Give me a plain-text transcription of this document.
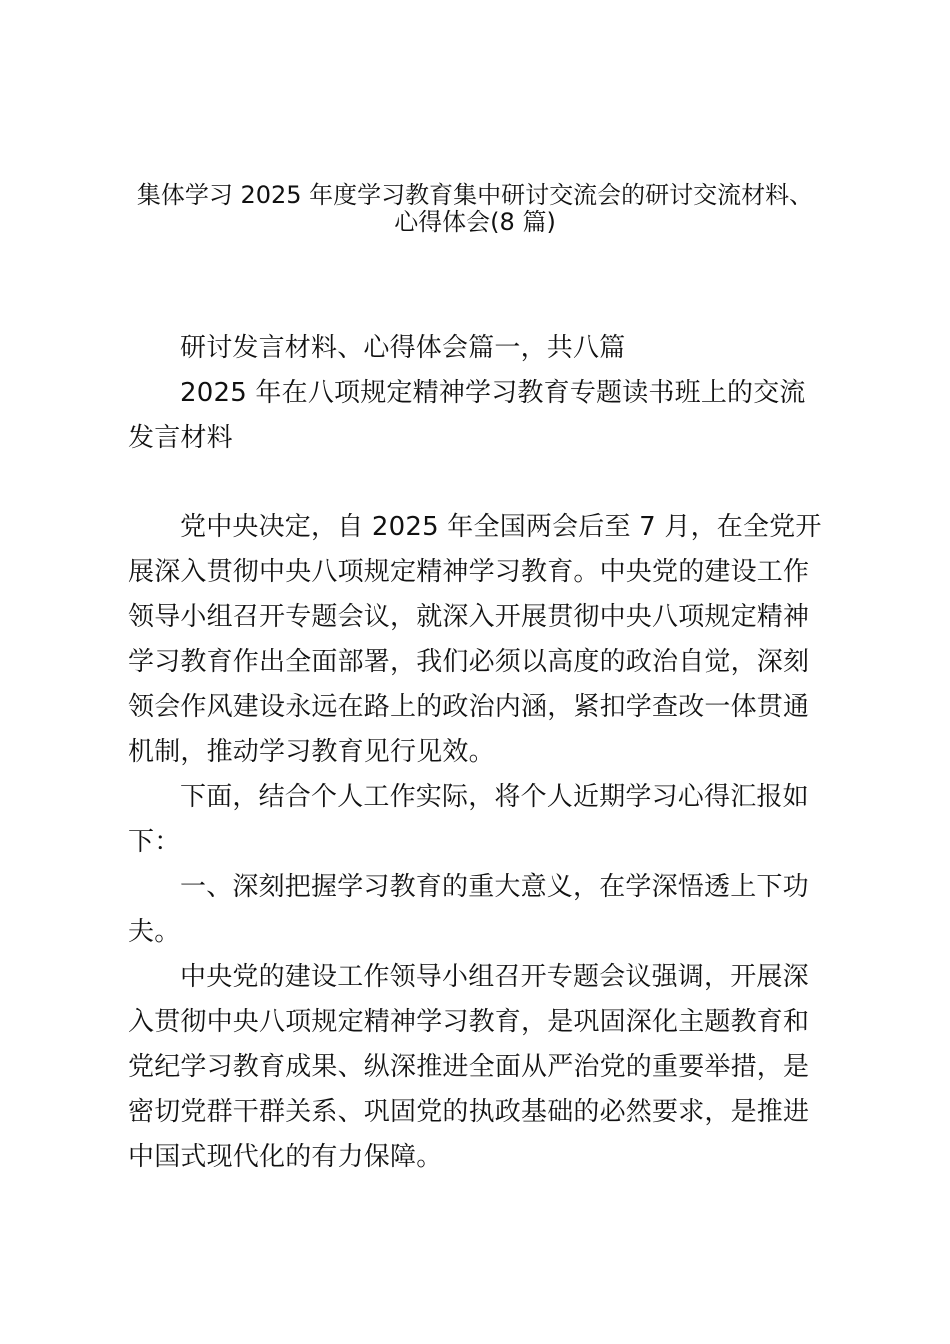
集体学习 2025 年度学习教育集中研讨交流会的研讨交流材料、
心得体会(8 篇)

研讨发言材料、心得体会篇一，共八篇

2025 年在八项规定精神学习教育专题读书班上的交流发言材料

党中央决定，自 2025 年全国两会后至 7 月，在全党开展深入贯彻中央八项规定精神学习教育。中央党的建设工作领导小组召开专题会议，就深入开展贯彻中央八项规定精神学习教育作出全面部署，我们必须以高度的政治自觉，深刻领会作风建设永远在路上的政治内涵，紧扣学查改一体贯通机制，推动学习教育见行见效。

下面，结合个人工作实际，将个人近期学习心得汇报如下：

一、深刻把握学习教育的重大意义，在学深悟透上下功夫。

中央党的建设工作领导小组召开专题会议强调，开展深入贯彻中央八项规定精神学习教育，是巩固深化主题教育和党纪学习教育成果、纵深推进全面从严治党的重要举措，是密切党群干群关系、巩固党的执政基础的必然要求，是推进中国式现代化的有力保障。
